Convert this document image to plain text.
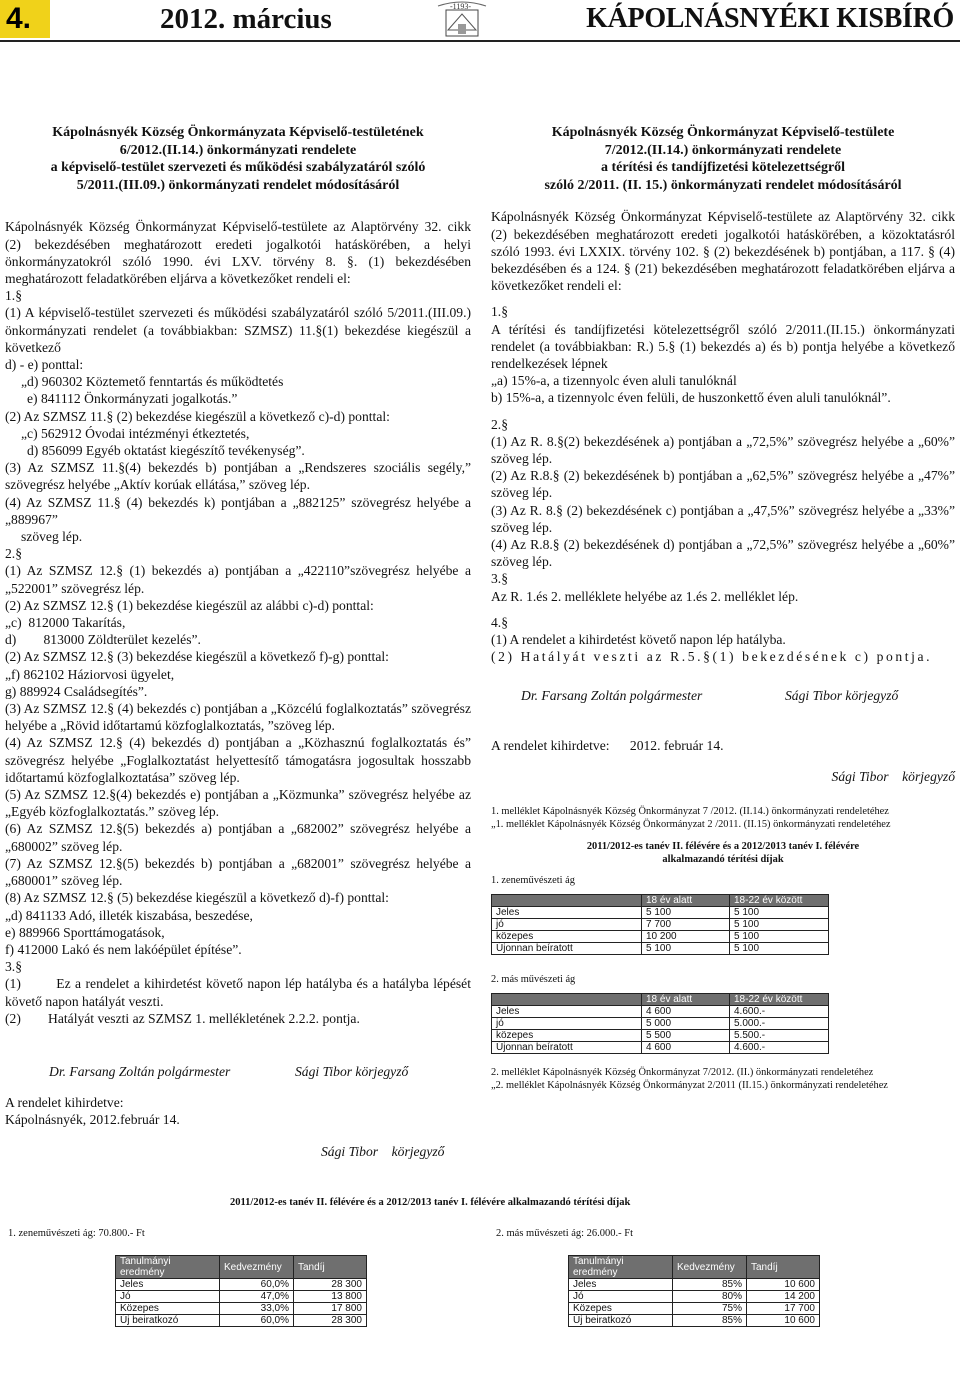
4.	2012. március	-1193-	KÁPOLNÁSNYÉKI KISBÍRÓ
Kápolnásnyék Község Önkormányzata Képviselő-testületének
6/2012.(II.14.) önkormányzati rendelete
a képviselő-testület szervezeti és működési szabályzatáról szóló
5/2011.(III.09.) önkormányzati rendelet módosításáról

Kápolnásnyék Község Önkormányzat Képviselő-testülete az Alaptörvény 32. cikk (2) bekezdésében meghatározott eredeti jogalkotói hatáskörében, a helyi önkormányzatokról szóló 1990. évi LXV. törvény 8. §. (1) bekezdésében meghatározott feladatkörében eljárva a következőket rendeli el:

1.§

(1) A képviselő-testület szervezeti és működési szabályzatáról szóló 5/2011.(III.09.) önkormányzati rendelet (a továbbiakban: SZMSZ) 11.§(1) bekezdése kiegészül a következő

d) - e) ponttal:

„d) 960302 Köztemető fenntartás és működtetés

e) 841112 Önkormányzati jogalkotás.”

(2) Az SZMSZ 11.§ (2) bekezdése kiegészül a következő c)-d) ponttal:

„c) 562912 Óvodai intézményi étkeztetés,

d) 856099 Egyéb oktatást kiegészítő tevékenység”.

(3) Az SZMSZ 11.§(4) bekezdés b) pontjában a „Rendszeres szociális segély,” szövegrész helyébe „Aktív korúak ellátása,” szöveg lép.

(4) Az SZMSZ 11.§ (4) bekezdés k) pontjában a „882125” szövegrész helyébe a „889967”

szöveg lép.

2.§

(1) Az SZMSZ 12.§ (1) bekezdés a) pontjában a „422110”szövegrész helyébe a „522001” szövegrész lép.

(2) Az SZMSZ 12.§ (1) bekezdése kiegészül az alábbi c)-d) ponttal:

„c)  812000 Takarítás,

d)        813000 Zöldterület kezelés”.

(2) Az SZMSZ 12.§ (3) bekezdése kiegészül a következő f)-g) ponttal:

„f) 862102 Háziorvosi ügyelet,

g) 889924 Családsegítés”.

(3) Az SZMSZ 12.§ (4) bekezdés c) pontjában a „Közcélú foglalkoztatás” szövegrész helyébe a „Rövid időtartamú közfoglalkoztatás, ”szöveg lép.

(4) Az SZMSZ 12.§ (4) bekezdés d) pontjában a „Közhasznú foglalkoztatás és” szövegrész helyébe „Foglalkoztatást helyettesítő támogatásra jogosultak hosszabb időtartamú közfoglalkoztatása” szöveg lép.

(5) Az SZMSZ 12.§(4) bekezdés e) pontjában a „Közmunka” szövegrész helyébe az „Egyéb közfoglalkoztatás.” szöveg lép.

(6) Az SZMSZ 12.§(5) bekezdés a) pontjában a „682002” szövegrész helyébe a „680002” szöveg lép.

(7) Az SZMSZ 12.§(5) bekezdés b) pontjában a „682001” szövegrész helyébe a „680001” szöveg lép.

(8) Az SZMSZ 12.§ (5) bekezdése kiegészül a következő d)-f) ponttal:

„d) 841133 Adó, illeték kiszabása, beszedése,

e) 889966 Sporttámogatások,

f) 412000 Lakó és nem lakóépület építése”.

3.§

(1)        Ez a rendelet a kihirdetést követő napon lép hatályba és a hatályba lépését követő napon hatályát veszti.

(2)        Hatályát veszti az SZMSZ 1. mellékletének 2.2.2. pontja.

Dr. Farsang Zoltán polgármester	Sági Tibor körjegyző

A rendelet kihirdetve:

Kápolnásnyék, 2012.február 14.

Sági Tibor    körjegyző

Kápolnásnyék Község Önkormányzat Képviselő-testülete
7/2012.(II.14.) önkormányzati rendelete
a térítési és tandíjfizetési kötelezettségről
szóló 2/2011. (II. 15.) önkormányzati rendelet módosításáról

Kápolnásnyék Község Önkormányzat Képviselő-testülete az Alaptörvény 32. cikk (2) bekezdésében meghatározott eredeti jogalkotói hatáskörében, a közoktatásról szóló 1993. évi LXXIX. törvény 102. § (2) bekezdésének b) pontjában, a 117. § (4) bekezdésében és a 124. § (21) bekezdésében meghatározott feladatkörében eljárva a következőket rendeli el:

1.§

A térítési és tandíjfizetési kötelezettségről szóló 2/2011.(II.15.) önkormányzati rendelet (a továbbiakban: R.) 5.§ (1) bekezdés a) és b) pontja helyébe a következő rendelkezések lépnek

„a) 15%-a, a tizennyolc éven aluli tanulóknál

b) 15%-a, a tizennyolc éven felüli, de huszonkettő éven aluli tanulóknál”.

2.§

(1) Az R. 8.§(2) bekezdésének a) pontjában a „72,5%” szövegrész helyébe a „60%” szöveg lép.

(2) Az R.8.§ (2) bekezdésének b) pontjában a „62,5%” szövegrész helyébe a „47%” szöveg lép.

(3) Az R. 8.§ (2) bekezdésének c) pontjában a „47,5%” szövegrész helyébe a „33%” szöveg lép.

(4) Az R.8.§ (2) bekezdésének d) pontjában a „72,5%” szövegrész helyébe a „60%” szöveg lép.

3.§

Az R. 1.és 2. melléklete helyébe az 1.és 2. melléklet lép.

4.§

(1) A rendelet a kihirdetést követő napon lép hatályba.

(2) Hatályát veszti az R.5.§(1) bekezdésének c) pontja.

Dr. Farsang Zoltán polgármester	Sági Tibor körjegyző

A rendelet kihirdetve:      2012. február 14.

Sági Tibor    körjegyző

1. melléklet Kápolnásnyék Község Önkormányzat 7 /2012. (II.14.) önkormányzati rendeletéhez

„1. melléklet Kápolnásnyék Község Önkormányzat 2 /2011. (II.15) önkormányzati rendeletéhez

2011/2012-es tanév II. félévére és a 2012/2013 tanév I. félévére

alkalmazandó térítési díjak

1. zeneművészeti ág

	18 év alatt	18-22 év között
Jeles	5 100	5 100
jó	7 700	5 100
közepes	10 200	5 100
Újonnan beíratott	5 100	5 100

2. más művészeti ág

	18 év alatt	18-22 év között
Jeles	4 600	4.600.-
jó	5 000	5.000.-
közepes	5 500	5.500.-
Újonnan beíratott	4 600	4.600.-

2. melléklet Kápolnásnyék Község Önkormányzat 7/2012. (II.) önkormányzati rendeletéhez

„2. melléklet Kápolnásnyék Község Önkormányzat 2/2011 (II.15.) önkormányzati rendeletéhez

2011/2012-es tanév II. félévére és a 2012/2013 tanév I. félévére alkalmazandó térítési díjak
1. zeneművészeti ág: 70.800.- Ft	2. más művészeti ág: 26.000.- Ft
Tanulmányi eredmény	Kedvezmény	Tandíj
Jeles	60,0%	28 300
Jó	47,0%	13 800
Közepes	33,0%	17 800
Új beiratkozó	60,0%	28 300
Tanulmányi eredmény	Kedvezmény	Tandíj
Jeles	85%	10 600
Jó	80%	14 200
Közepes	75%	17 700
Új beiratkozó	85%	10 600
